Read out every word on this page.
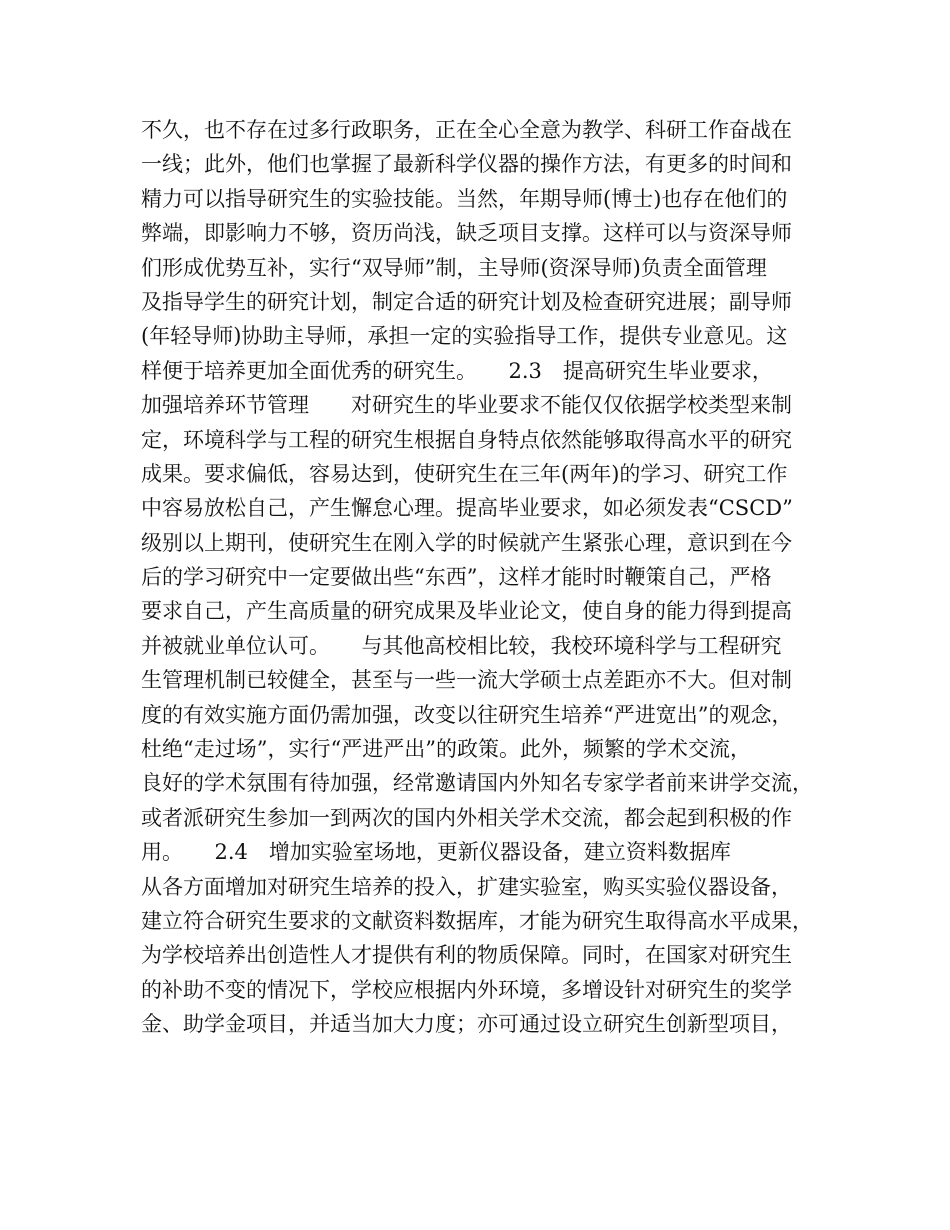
不久，也不存在过多行政职务，正在全心全意为教学、科研工作奋战在
一线；此外，他们也掌握了最新科学仪器的操作方法，有更多的时间和
精力可以指导研究生的实验技能。当然，年期导师(博士)也存在他们的
弊端，即影响力不够，资历尚浅，缺乏项目支撑。这样可以与资深导师
们形成优势互补，实行“双导师”制，主导师(资深导师)负责全面管理
及指导学生的研究计划，制定合适的研究计划及检查研究进展；副导师
(年轻导师)协助主导师，承担一定的实验指导工作，提供专业意见。这
样便于培养更加全面优秀的研究生。　　2.3　提高研究生毕业要求，
加强培养环节管理　　对研究生的毕业要求不能仅仅依据学校类型来制
定，环境科学与工程的研究生根据自身特点依然能够取得高水平的研究
成果。要求偏低，容易达到，使研究生在三年(两年)的学习、研究工作
中容易放松自己，产生懈怠心理。提高毕业要求，如必须发表“CSCD”
级别以上期刊，使研究生在刚入学的时候就产生紧张心理，意识到在今
后的学习研究中一定要做出些“东西”，这样才能时时鞭策自己，严格
要求自己，产生高质量的研究成果及毕业论文，使自身的能力得到提高
并被就业单位认可。　　与其他高校相比较，我校环境科学与工程研究
生管理机制已较健全，甚至与一些一流大学硕士点差距亦不大。但对制
度的有效实施方面仍需加强，改变以往研究生培养“严进宽出”的观念，
杜绝“走过场”，实行“严进严出”的政策。此外，频繁的学术交流，
良好的学术氛围有待加强，经常邀请国内外知名专家学者前来讲学交流，
或者派研究生参加一到两次的国内外相关学术交流，都会起到积极的作
用。　　2.4　增加实验室场地，更新仪器设备，建立资料数据库
从各方面增加对研究生培养的投入，扩建实验室，购买实验仪器设备，
建立符合研究生要求的文献资料数据库，才能为研究生取得高水平成果，
为学校培养出创造性人才提供有利的物质保障。同时，在国家对研究生
的补助不变的情况下，学校应根据内外环境，多增设针对研究生的奖学
金、助学金项目，并适当加大力度；亦可通过设立研究生创新型项目，
